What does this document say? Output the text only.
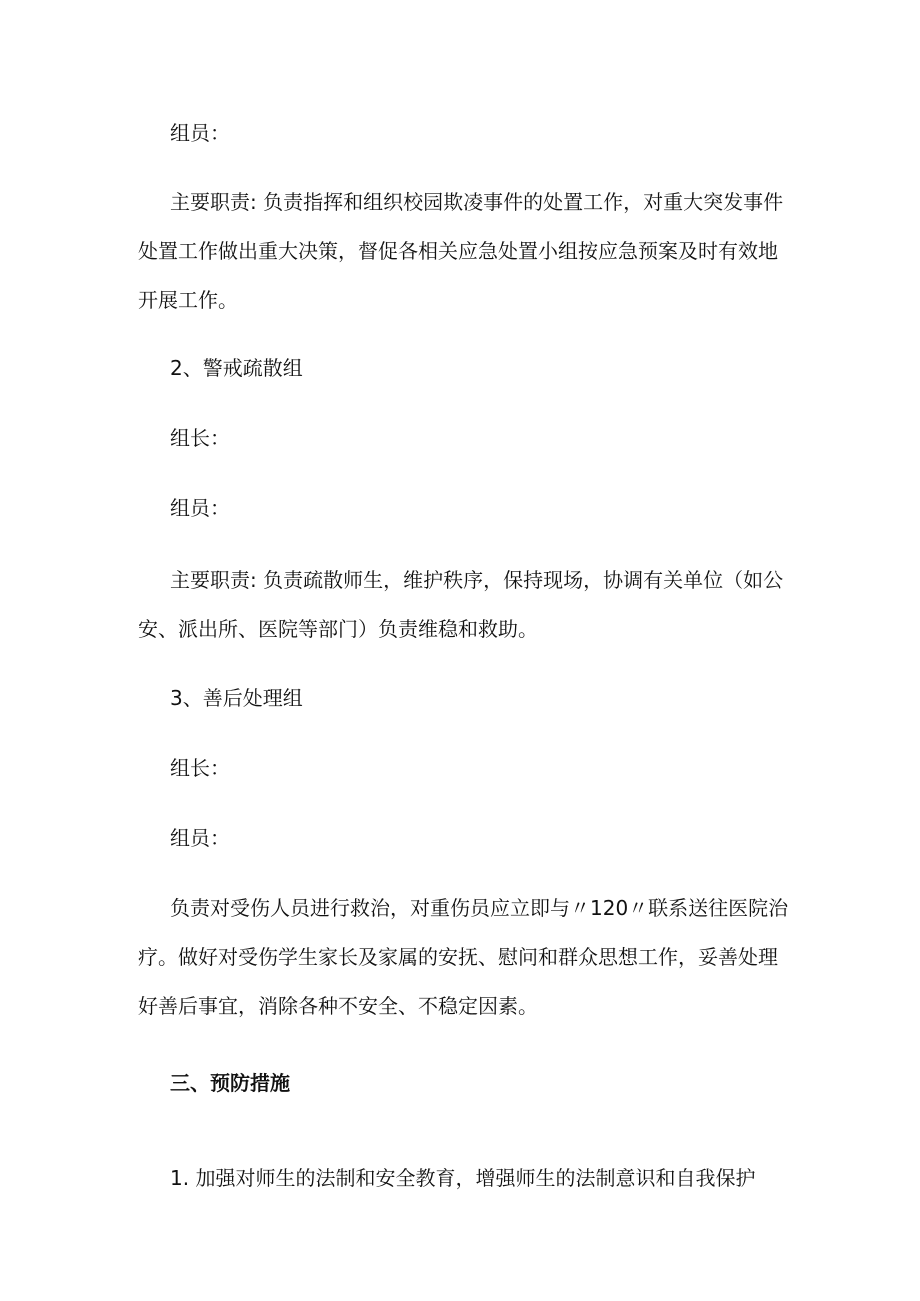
组员：
主要职责: 负责指挥和组织校园欺凌事件的处置工作，对重大突发事件
处置工作做出重大决策，督促各相关应急处置小组按应急预案及时有效地
开展工作。
2、警戒疏散组
组长：
组员：
主要职责: 负责疏散师生，维护秩序，保持现场，协调有关单位（如公
安、派出所、医院等部门）负责维稳和救助。
3、善后处理组
组长：
组员：
负责对受伤人员进行救治，对重伤员应立即与〃120〃联系送往医院治
疗。做好对受伤学生家长及家属的安抚、慰问和群众思想工作，妥善处理
好善后事宜，消除各种不安全、不稳定因素。
三、预防措施
1. 加强对师生的法制和安全教育，增强师生的法制意识和自我保护
